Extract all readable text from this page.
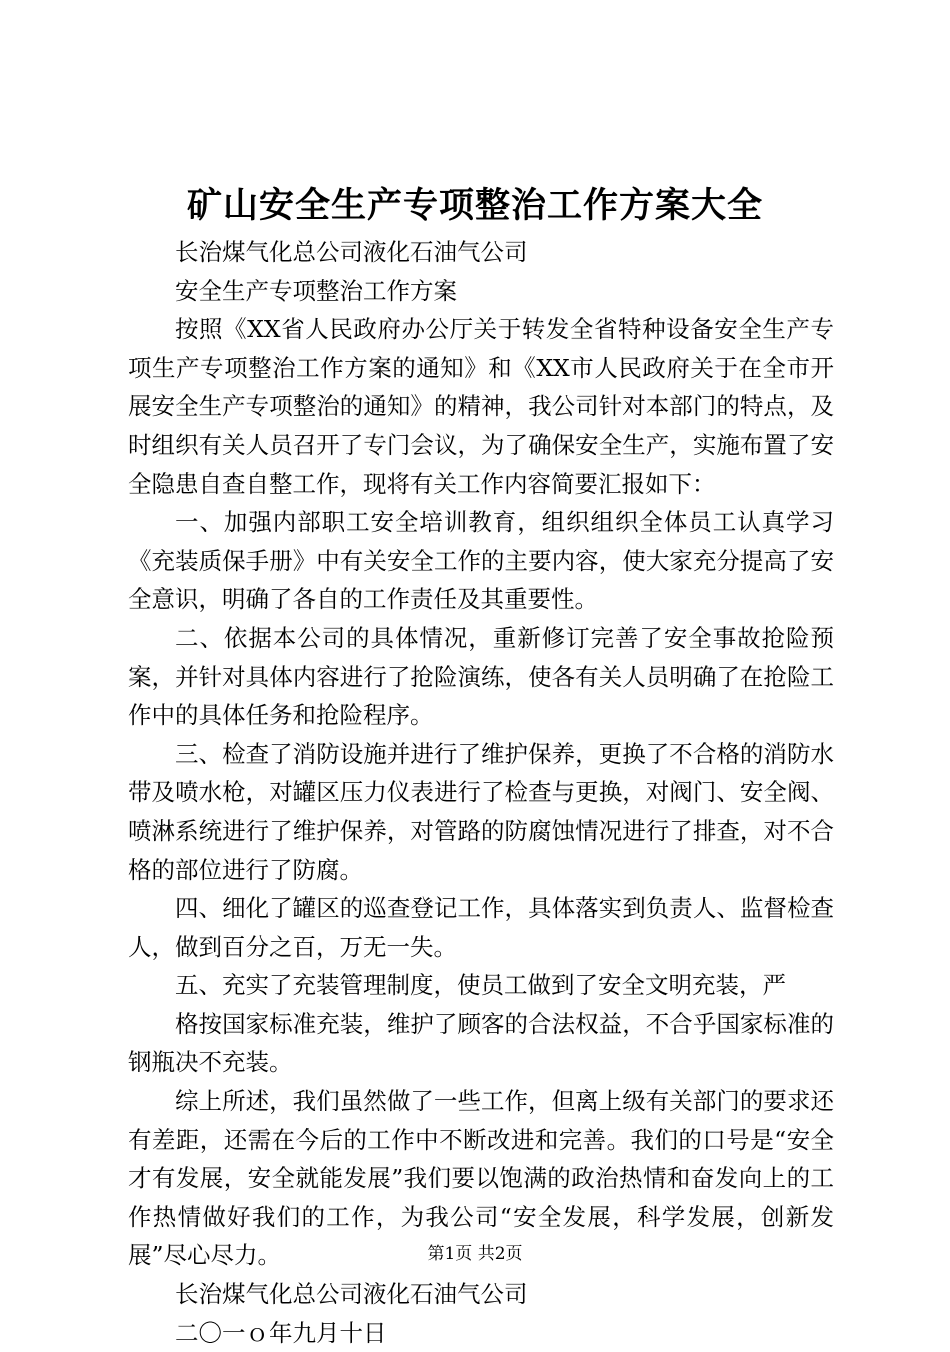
矿山安全生产专项整治工作方案大全

长治煤气化总公司液化石油气公司

安全生产专项整治工作方案

按照《XX省人民政府办公厅关于转发全省特种设备安全生产专项生产专项整治工作方案的通知》和《XX市人民政府关于在全市开展安全生产专项整治的通知》的精神，我公司针对本部门的特点，及时组织有关人员召开了专门会议，为了确保安全生产，实施布置了安全隐患自查自整工作，现将有关工作内容简要汇报如下：

一、加强内部职工安全培训教育，组织组织全体员工认真学习《充装质保手册》中有关安全工作的主要内容，使大家充分提高了安全意识，明确了各自的工作责任及其重要性。

二、依据本公司的具体情况，重新修订完善了安全事故抢险预案，并针对具体内容进行了抢险演练，使各有关人员明确了在抢险工作中的具体任务和抢险程序。

三、检查了消防设施并进行了维护保养，更换了不合格的消防水带及喷水枪，对罐区压力仪表进行了检查与更换，对阀门、安全阀、喷淋系统进行了维护保养，对管路的防腐蚀情况进行了排查，对不合格的部位进行了防腐。

四、细化了罐区的巡查登记工作，具体落实到负责人、监督检查人，做到百分之百，万无一失。

五、充实了充装管理制度，使员工做到了安全文明充装，严

格按国家标准充装，维护了顾客的合法权益，不合乎国家标准的钢瓶决不充装。

综上所述，我们虽然做了一些工作，但离上级有关部门的要求还有差距，还需在今后的工作中不断改进和完善。我们的口号是“安全才有发展，安全就能发展”我们要以饱满的政治热情和奋发向上的工作热情做好我们的工作，为我公司“安全发展，科学发展，创新发展”尽心尽力。

长治煤气化总公司液化石油气公司

二〇一ｏ年九月十日

第1页 共2页
